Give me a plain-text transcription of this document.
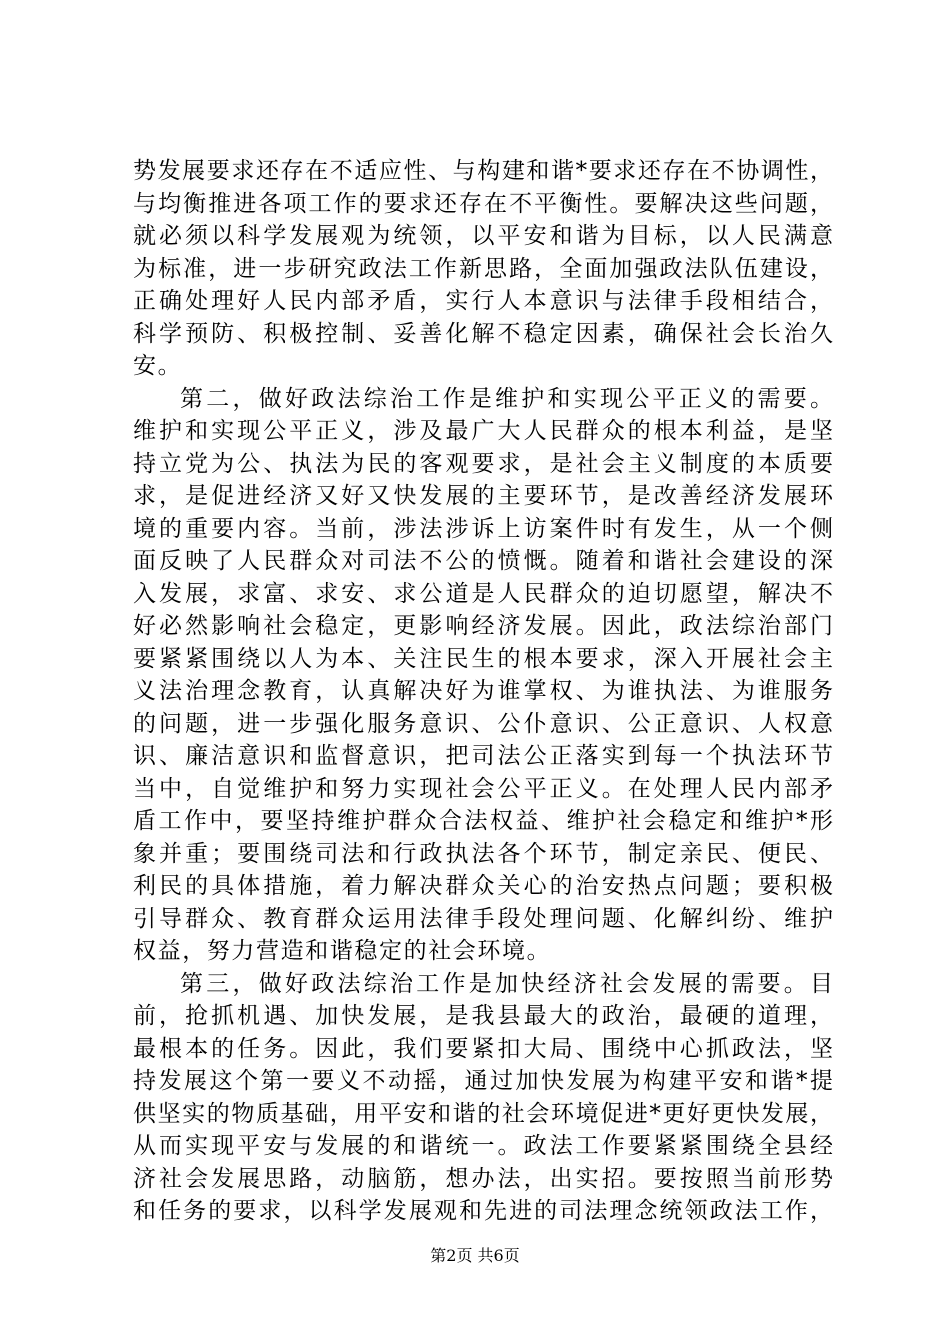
势发展要求还存在不适应性、与构建和谐*要求还存在不协调性，
与均衡推进各项工作的要求还存在不平衡性。要解决这些问题，
就必须以科学发展观为统领，以平安和谐为目标，以人民满意
为标准，进一步研究政法工作新思路，全面加强政法队伍建设，
正确处理好人民内部矛盾，实行人本意识与法律手段相结合，
科学预防、积极控制、妥善化解不稳定因素，确保社会长治久
安。
第二，做好政法综治工作是维护和实现公平正义的需要。
维护和实现公平正义，涉及最广大人民群众的根本利益，是坚
持立党为公、执法为民的客观要求，是社会主义制度的本质要
求，是促进经济又好又快发展的主要环节，是改善经济发展环
境的重要内容。当前，涉法涉诉上访案件时有发生，从一个侧
面反映了人民群众对司法不公的愤慨。随着和谐社会建设的深
入发展，求富、求安、求公道是人民群众的迫切愿望，解决不
好必然影响社会稳定，更影响经济发展。因此，政法综治部门
要紧紧围绕以人为本、关注民生的根本要求，深入开展社会主
义法治理念教育，认真解决好为谁掌权、为谁执法、为谁服务
的问题，进一步强化服务意识、公仆意识、公正意识、人权意
识、廉洁意识和监督意识，把司法公正落实到每一个执法环节
当中，自觉维护和努力实现社会公平正义。在处理人民内部矛
盾工作中，要坚持维护群众合法权益、维护社会稳定和维护*形
象并重；要围绕司法和行政执法各个环节，制定亲民、便民、
利民的具体措施，着力解决群众关心的治安热点问题；要积极
引导群众、教育群众运用法律手段处理问题、化解纠纷、维护
权益，努力营造和谐稳定的社会环境。
第三，做好政法综治工作是加快经济社会发展的需要。目
前，抢抓机遇、加快发展，是我县最大的政治，最硬的道理，
最根本的任务。因此，我们要紧扣大局、围绕中心抓政法，坚
持发展这个第一要义不动摇，通过加快发展为构建平安和谐*提
供坚实的物质基础，用平安和谐的社会环境促进*更好更快发展，
从而实现平安与发展的和谐统一。政法工作要紧紧围绕全县经
济社会发展思路，动脑筋，想办法，出实招。要按照当前形势
和任务的要求，以科学发展观和先进的司法理念统领政法工作，
第2页 共6页
